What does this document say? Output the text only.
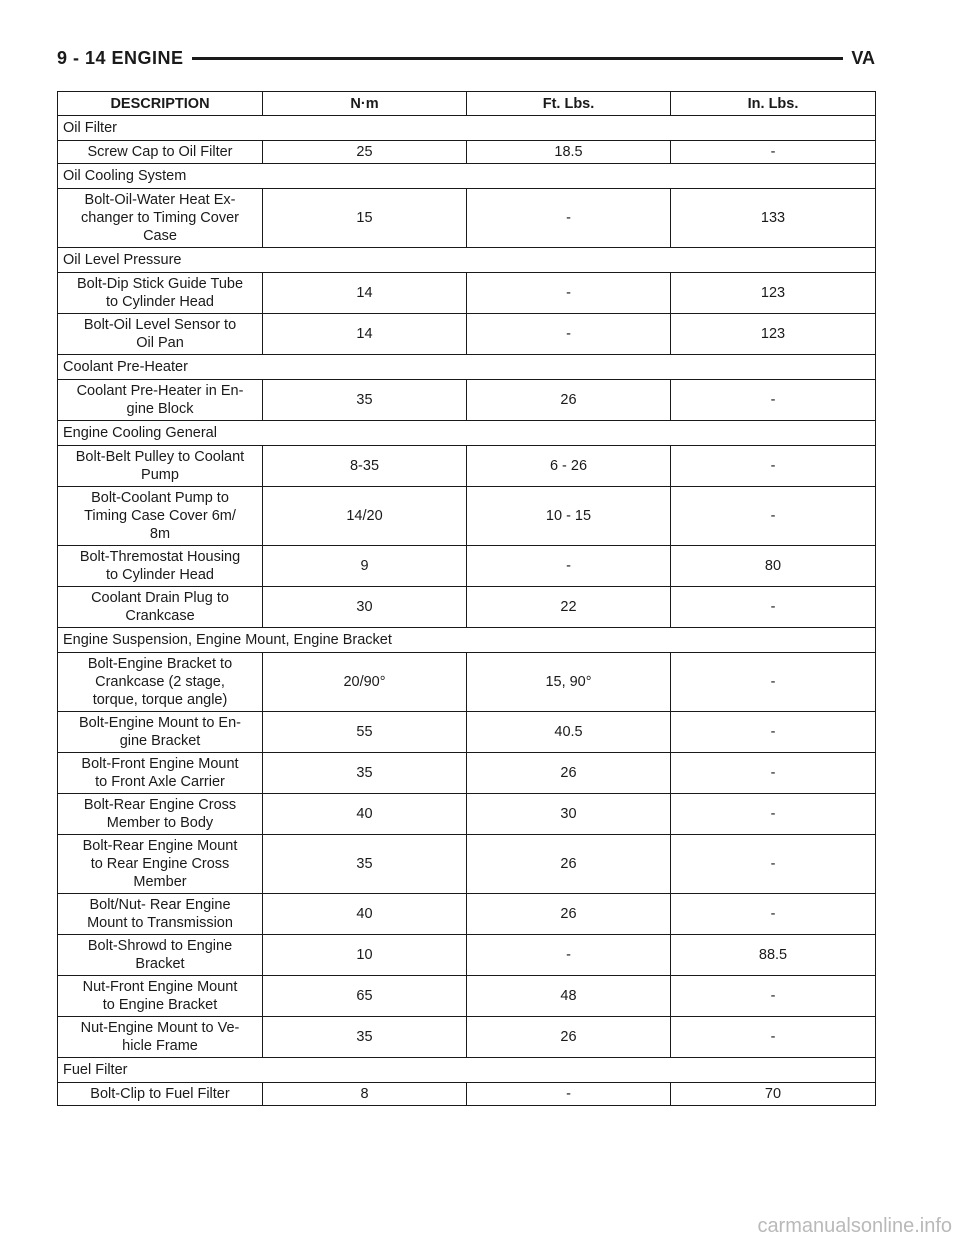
9 - 14 ENGINE	VA
DESCRIPTION	N·m	Ft. Lbs.	In. Lbs.
Oil Filter			
Screw Cap to Oil Filter	25	18.5	-
Oil Cooling System			
Bolt-Oil-Water Heat Ex-
changer to Timing Cover
Case	15	-	133
Oil Level Pressure			
Bolt-Dip Stick Guide Tube
to Cylinder Head	14	-	123
Bolt-Oil Level Sensor to
Oil Pan	14	-	123
Coolant Pre-Heater			
Coolant Pre-Heater in En-
gine Block	35	26	-
Engine Cooling General			
Bolt-Belt Pulley to Coolant
Pump	8-35	6 - 26	-
Bolt-Coolant Pump to
Timing Case Cover 6m/
8m	14/20	10 - 15	-
Bolt-Thremostat Housing
to Cylinder Head	9	-	80
Coolant Drain Plug to
Crankcase	30	22	-
Engine Suspension, Engine Mount, Engine Bracket			
Bolt-Engine Bracket to
Crankcase (2 stage,
torque, torque angle)	20/90°	15, 90°	-
Bolt-Engine Mount to En-
gine Bracket	55	40.5	-
Bolt-Front Engine Mount
to Front Axle Carrier	35	26	-
Bolt-Rear Engine Cross
Member to Body	40	30	-
Bolt-Rear Engine Mount
to Rear Engine Cross
Member	35	26	-
Bolt/Nut- Rear Engine
Mount to Transmission	40	26	-
Bolt-Shrowd to Engine
Bracket	10	-	88.5
Nut-Front Engine Mount
to Engine Bracket	65	48	-
Nut-Engine Mount to Ve-
hicle Frame	35	26	-
Fuel Filter			
Bolt-Clip to Fuel Filter	8	-	70
carmanualsonline.info
